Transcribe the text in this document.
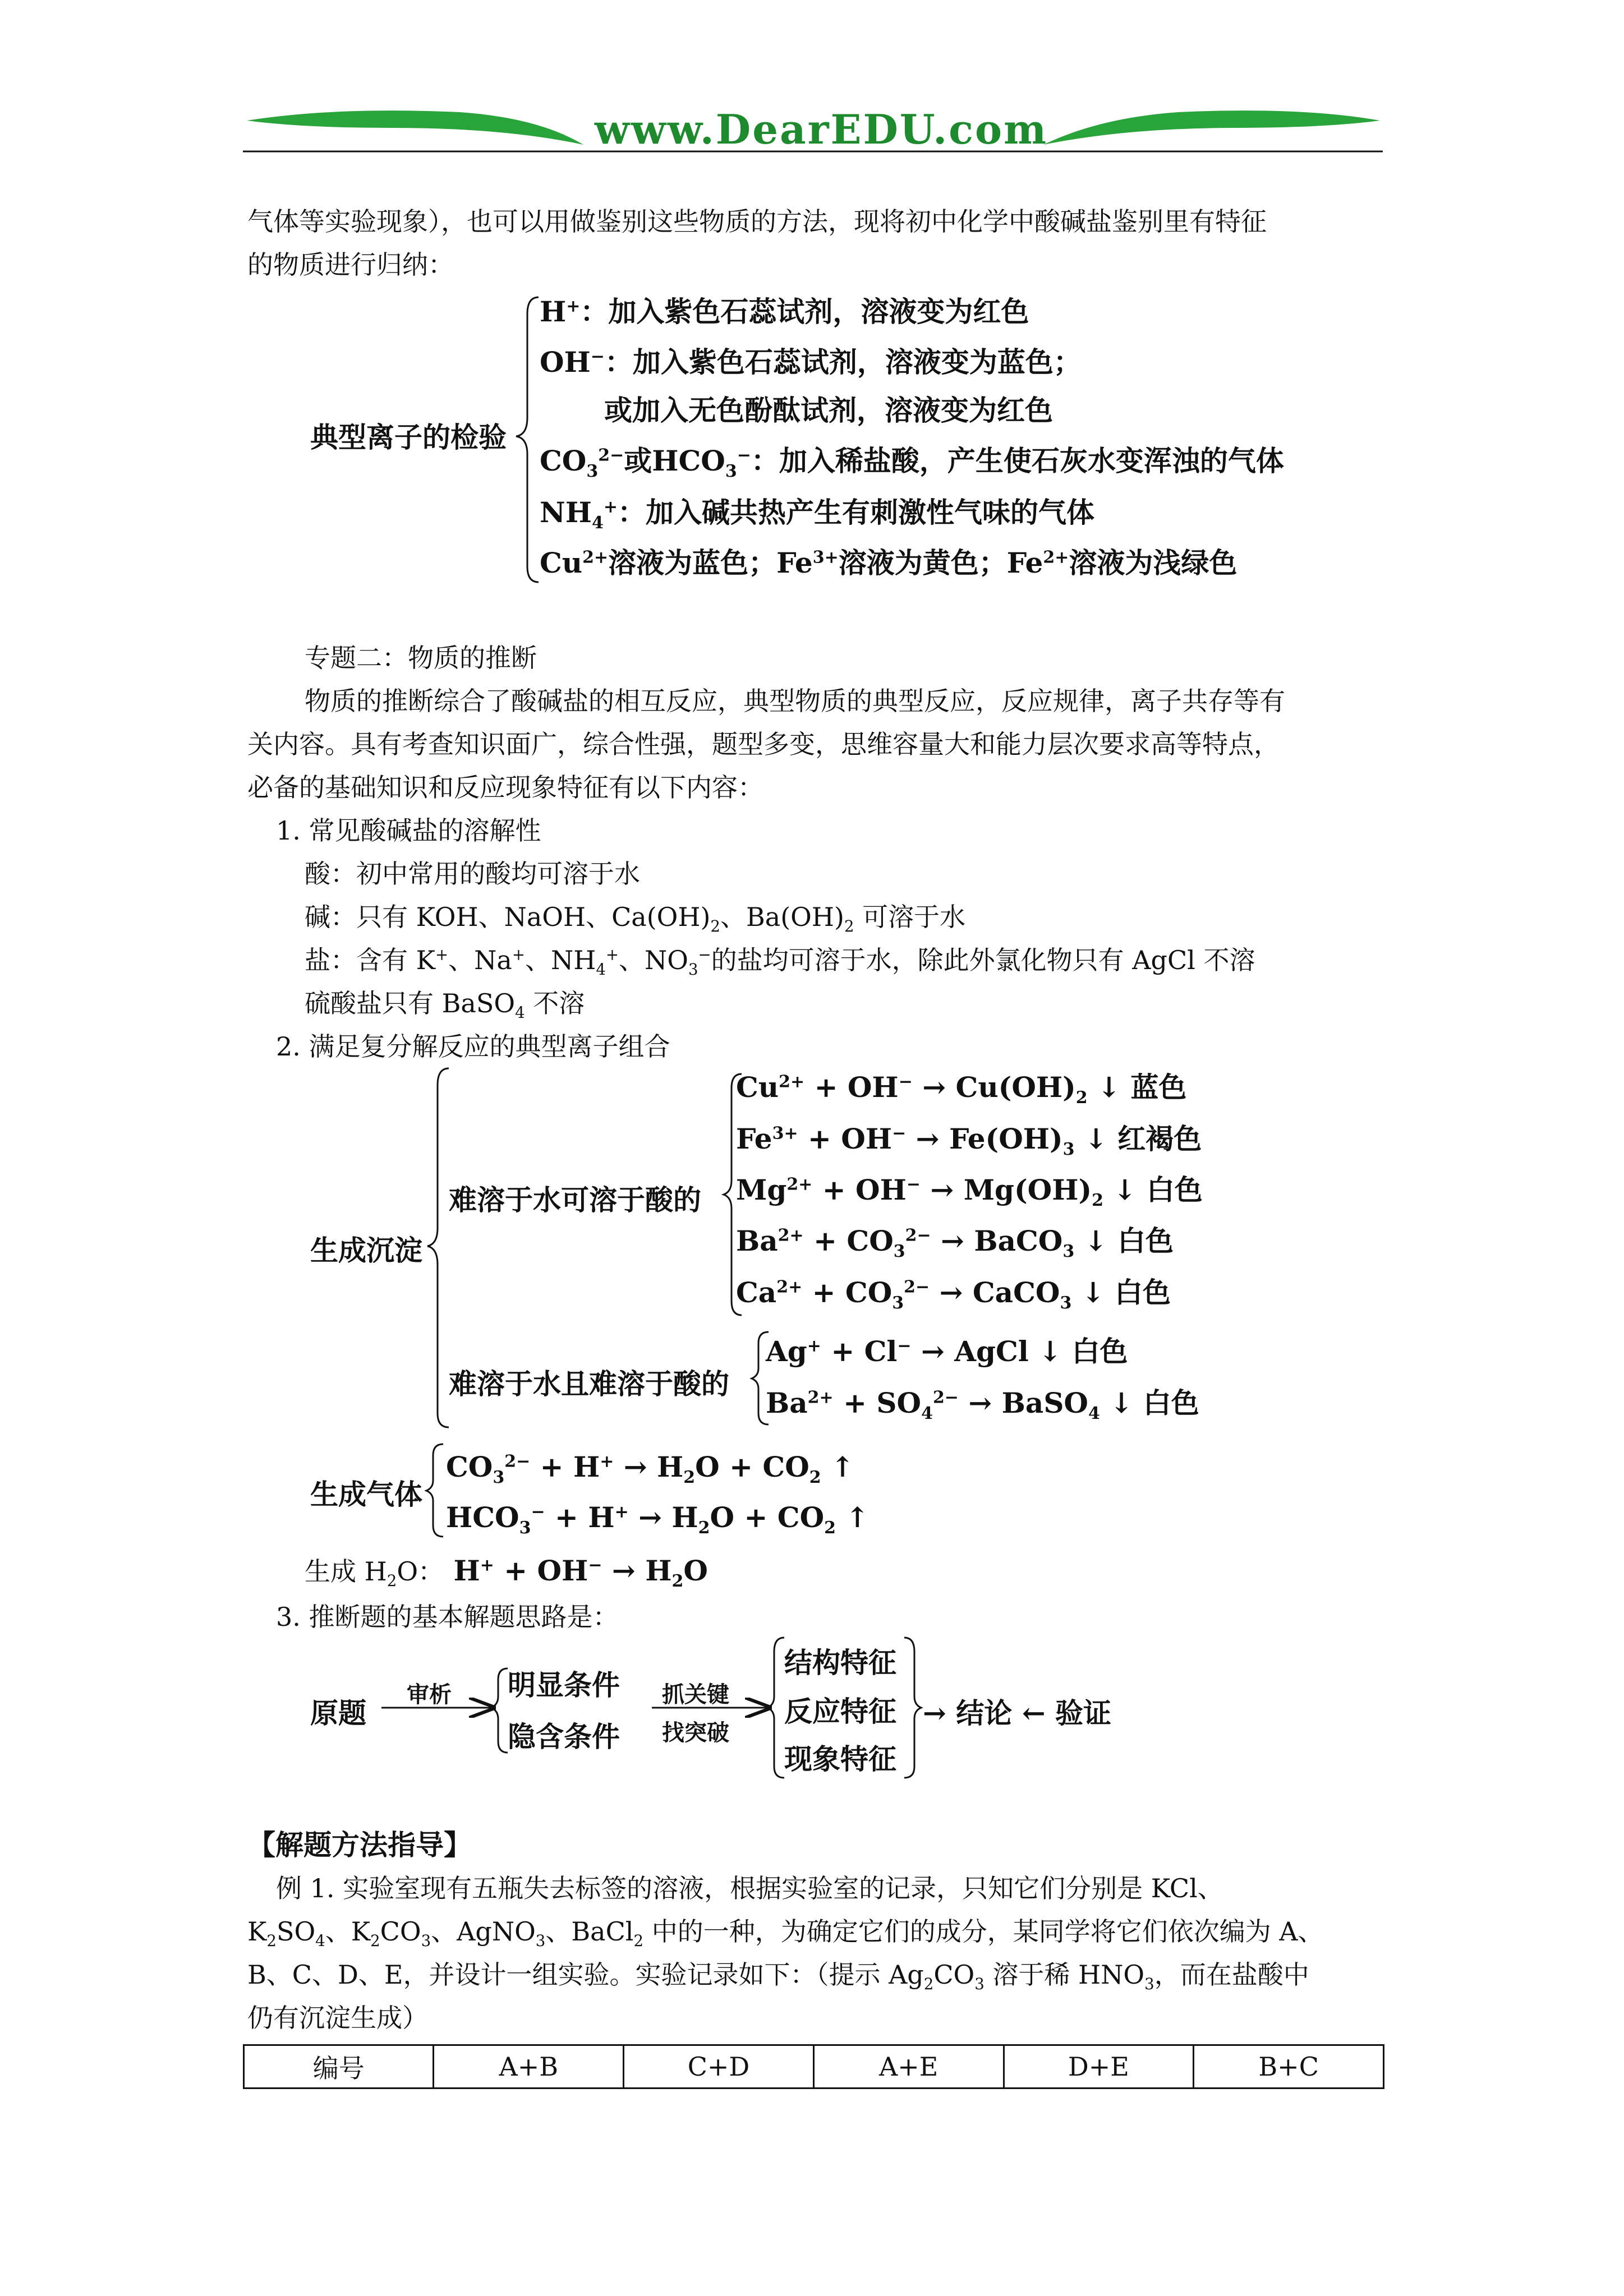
www.DearEDU.com
气体等实验现象），也可以用做鉴别这些物质的方法，现将初中化学中酸碱盐鉴别里有特征
的物质进行归纳：
典型离子的检验
H+：加入紫色石蕊试剂，溶液变为红色
OH−：加入紫色石蕊试剂，溶液变为蓝色；
或加入无色酚酞试剂，溶液变为红色
$CO_3^{2-}$或$HCO_3^-$：加入稀盐酸，产生使石灰水变浑浊的气体
$NH_4^+$：加入碱共热产生有刺激性气味的气体
$Cu^{2+}$溶液为蓝色；$Fe^{3+}$溶液为黄色；$Fe^{2+}$溶液为浅绿色
专题二：物质的推断
物质的推断综合了酸碱盐的相互反应，典型物质的典型反应，反应规律，离子共存等有
关内容。具有考查知识面广，综合性强，题型多变，思维容量大和能力层次要求高等特点，
必备的基础知识和反应现象特征有以下内容：
1. 常见酸碱盐的溶解性
酸：初中常用的酸均可溶于水
碱：只有 KOH、NaOH、$Ca(OH)_2$、$Ba(OH)_2$ 可溶于水
盐：含有 K+、Na+、$NH_4^+$、$NO_3^-$的盐均可溶于水，除此外氯化物只有 AgCl 不溶
硫酸盐只有 BaSO$_4$ 不溶
2. 满足复分解反应的典型离子组合
生成沉淀
难溶于水可溶于酸的
难溶于水且难溶于酸的
$Cu^{2+} + OH^- \to Cu(OH)_2$ ↓ 蓝色
$Fe^{3+} + OH^- \to Fe(OH)_3$ ↓ 红褐色
$Mg^{2+} + OH^- \to Mg(OH)_2$ ↓ 白色
$Ba^{2+} + CO_3^{2-}$ → BaCO$_3$ ↓ 白色
$Ca^{2+} + CO_3^{2-}$ → CaCO$_3$ ↓ 白色
Ag+ + Cl− → AgCl ↓ 白色
$Ba^{2+} + SO_4^{2-}$ → BaSO$_4$ ↓ 白色
生成气体
$CO_3^{2-} + H^+ \to H_2O + CO_2$ ↑
$HCO_3^- + H^+ \to H_2O + CO_2$ ↑
生成 $H_2O$： $H^+ + OH^- \to H_2O$
3. 推断题的基本解题思路是：
原题
审析 明显条件
隐含条件
抓关键
找突破
结构特征
反应特征
现象特征
→ 结论 ← 验证
【解题方法指导】
例 1. 实验室现有五瓶失去标签的溶液，根据实验室的记录，只知它们分别是 KCl、
$K_2SO_4$、$K_2CO_3$、AgNO$_3$、BaCl$_2$ 中的一种，为确定它们的成分，某同学将它们依次编为 A、
B、C、D、E，并设计一组实验。实验记录如下：（提示 $Ag_2CO_3$ 溶于稀 $HNO_3$，而在盐酸中
仍有沉淀生成）
编号	A+B	C+D	A+E	D+E	B+C
